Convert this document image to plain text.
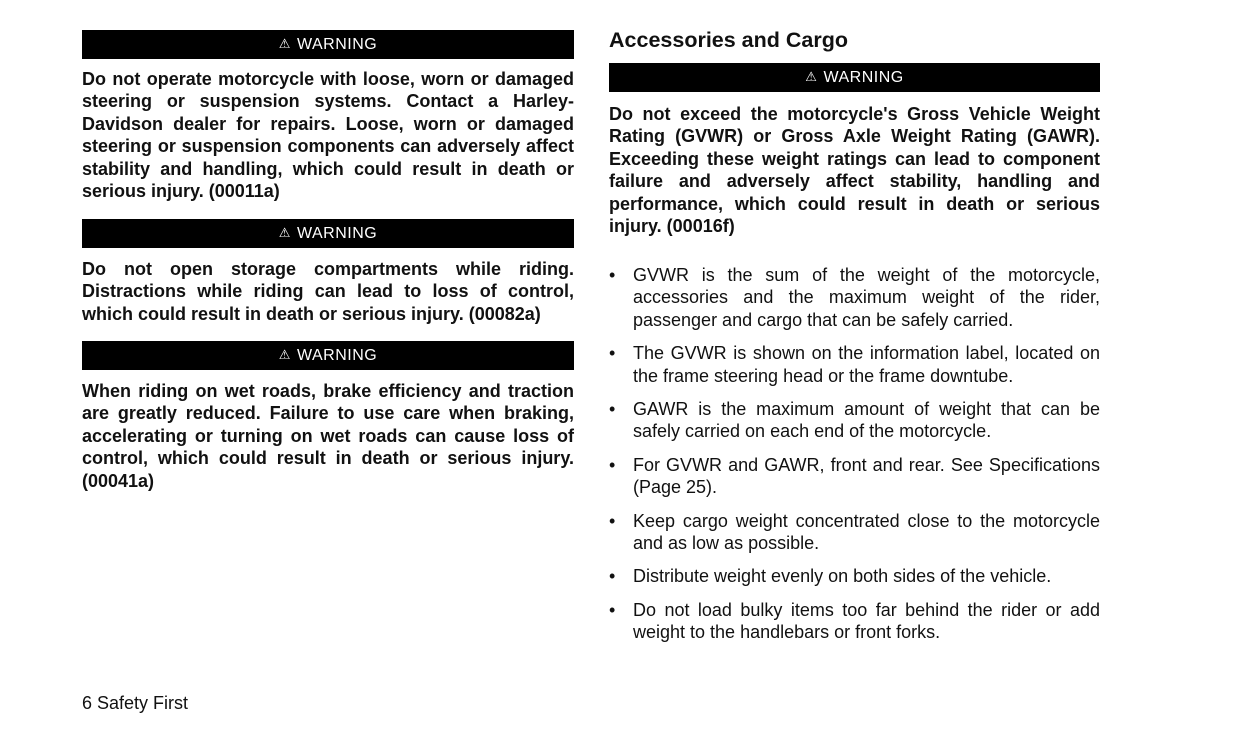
⚠ WARNING

Do not operate motorcycle with loose, worn or damaged steering or suspension systems. Contact a Harley-Davidson dealer for repairs. Loose, worn or damaged steering or suspension components can adversely affect stability and handling, which could result in death or serious injury. (00011a)

⚠ WARNING

Do not open storage compartments while riding. Distractions while riding can lead to loss of control, which could result in death or serious injury. (00082a)

⚠ WARNING

When riding on wet roads, brake efficiency and traction are greatly reduced. Failure to use care when braking, accelerating or turning on wet roads can cause loss of control, which could result in death or serious injury. (00041a)

Accessories and Cargo
⚠ WARNING

Do not exceed the motorcycle's Gross Vehicle Weight Rating (GVWR) or Gross Axle Weight Rating (GAWR). Exceeding these weight ratings can lead to component failure and adversely affect stability, handling and performance, which could result in death or serious injury. (00016f)

• GVWR is the sum of the weight of the motorcycle, accessories and the maximum weight of the rider, passenger and cargo that can be safely carried.
• The GVWR is shown on the information label, located on the frame steering head or the frame downtube.
• GAWR is the maximum amount of weight that can be safely carried on each end of the motorcycle.
• For GVWR and GAWR, front and rear. See Specifications (Page 25).
• Keep cargo weight concentrated close to the motorcycle and as low as possible.
• Distribute weight evenly on both sides of the vehicle.
• Do not load bulky items too far behind the rider or add weight to the handlebars or front forks.
6 Safety First
